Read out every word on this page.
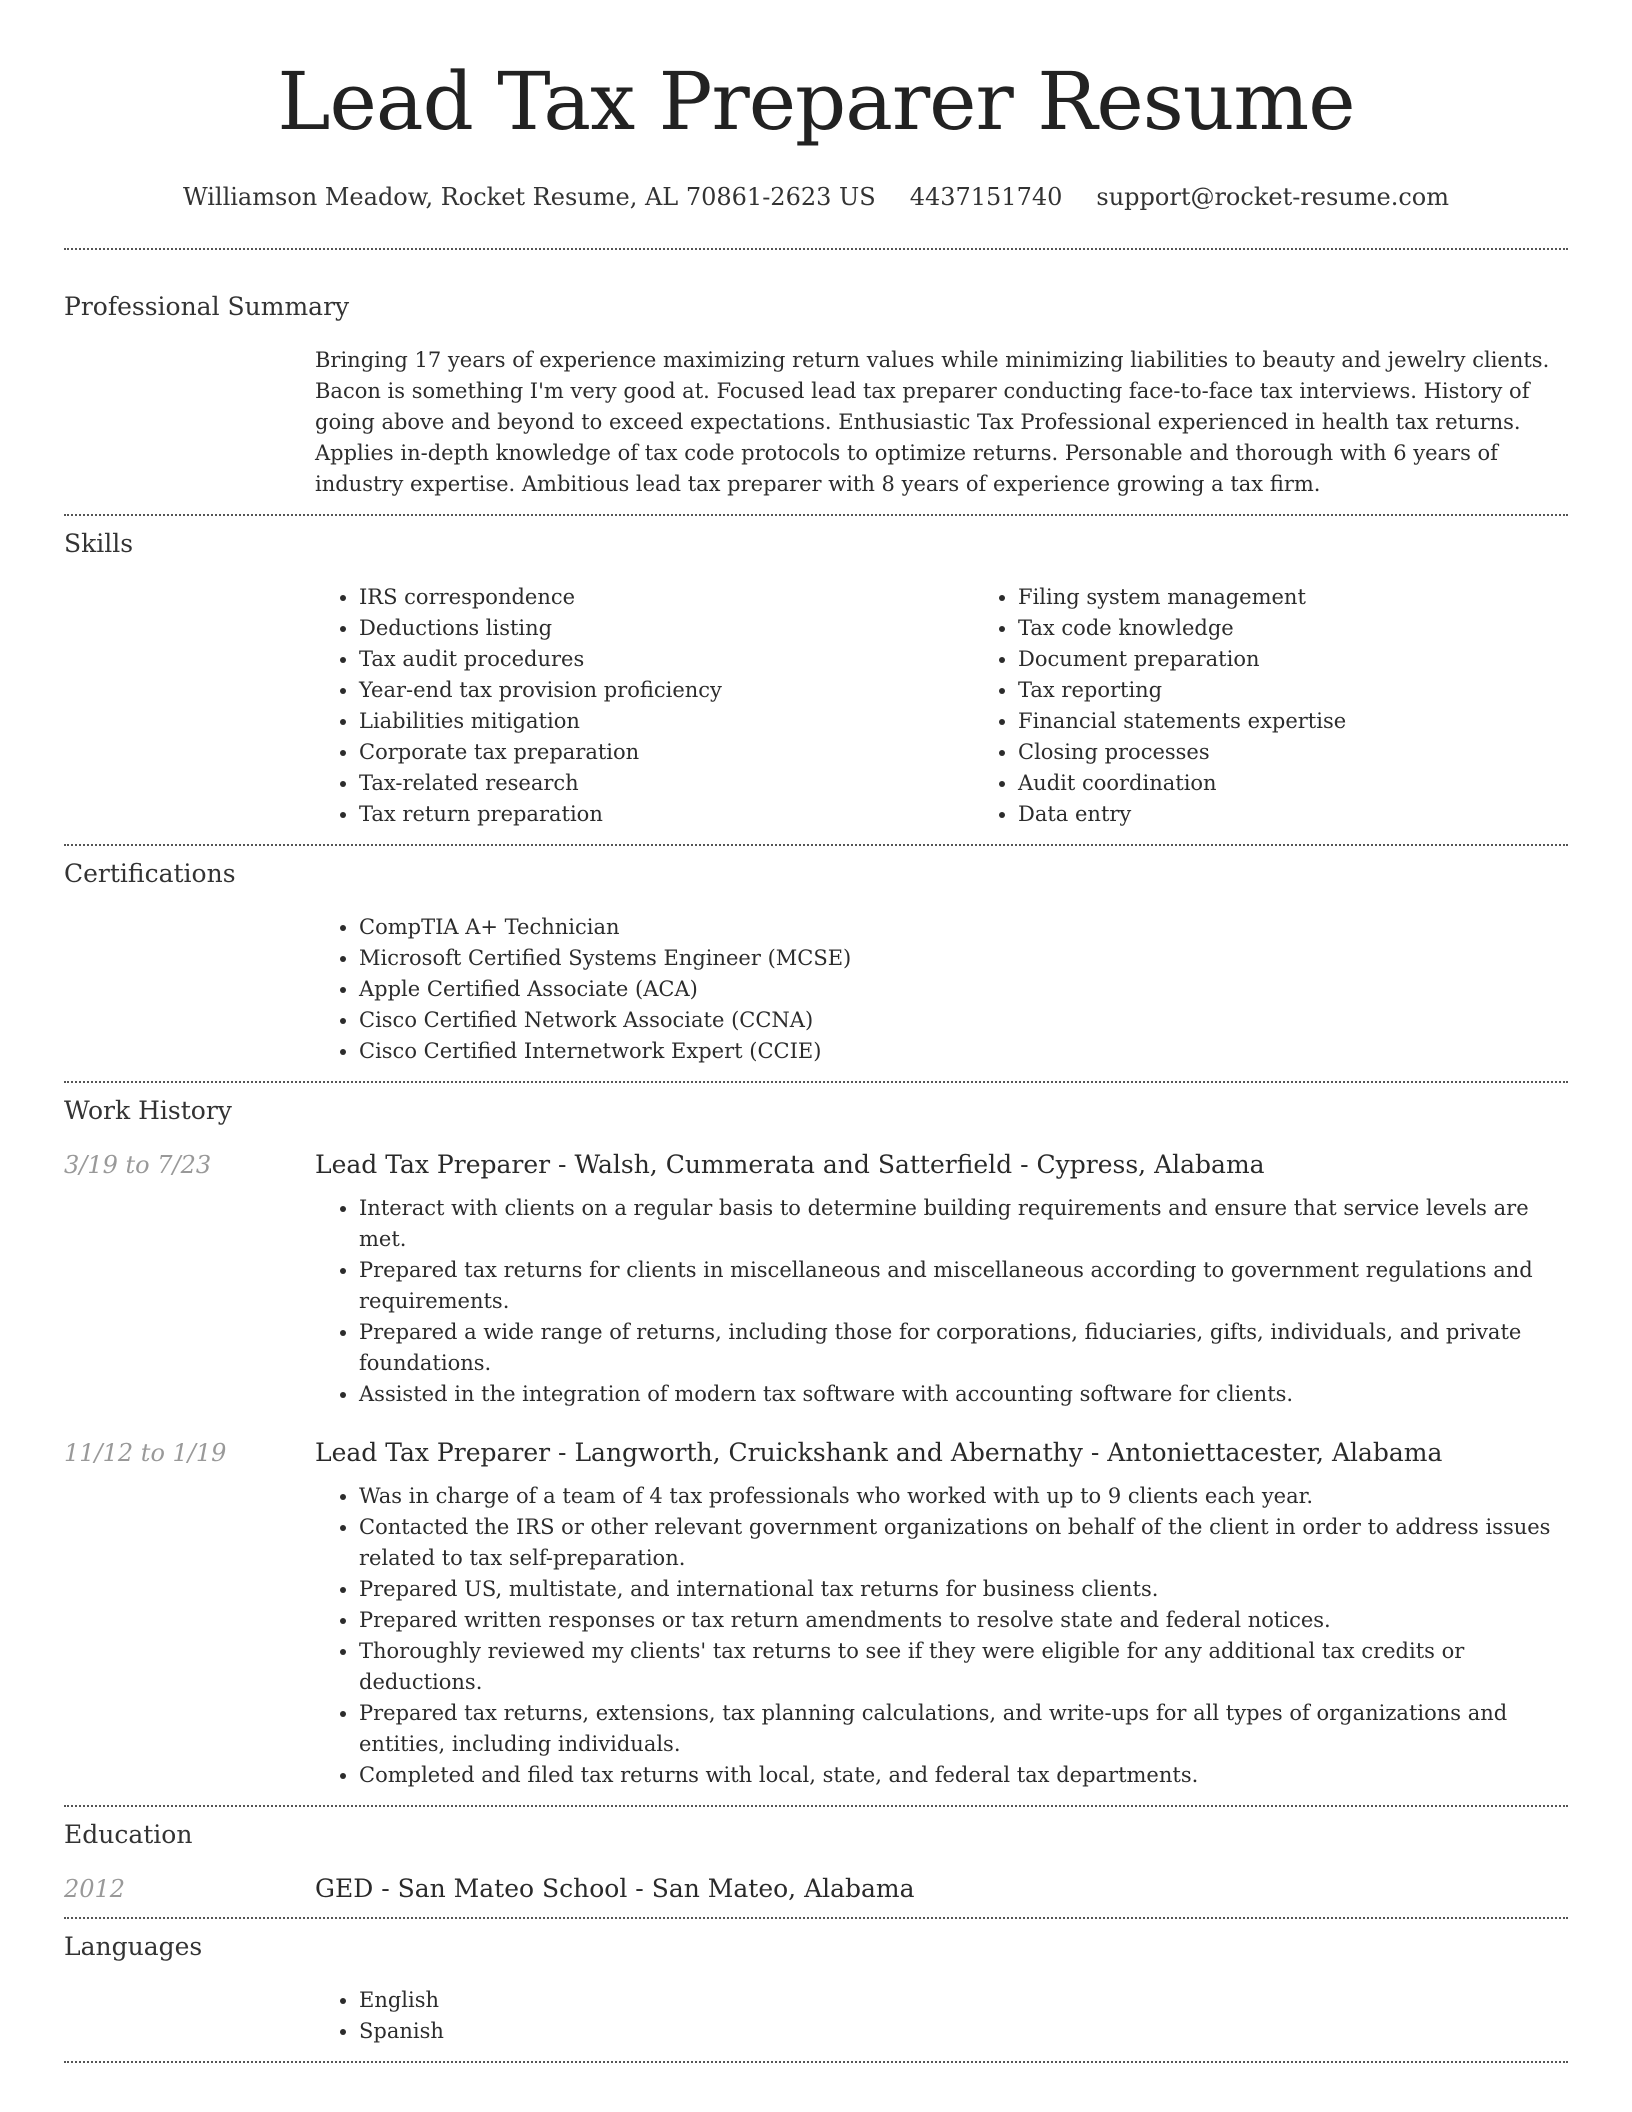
Lead Tax Preparer Resume
Williamson Meadow, Rocket Resume, AL 70861-2623 US 4437151740 support@rocket-resume.com
Professional Summary
Bringing 17 years of experience maximizing return values while minimizing liabilities to beauty and jewelry clients. Bacon is something I'm very good at. Focused lead tax preparer conducting face-to-face tax interviews. History of going above and beyond to exceed expectations. Enthusiastic Tax Professional experienced in health tax returns. Applies in-depth knowledge of tax code protocols to optimize returns. Personable and thorough with 6 years of industry expertise. Ambitious lead tax preparer with 8 years of experience growing a tax firm.
Skills
• IRS correspondence
• Deductions listing
• Tax audit procedures
• Year-end tax provision proficiency
• Liabilities mitigation
• Corporate tax preparation
• Tax-related research
• Tax return preparation
• Filing system management
• Tax code knowledge
• Document preparation
• Tax reporting
• Financial statements expertise
• Closing processes
• Audit coordination
• Data entry
Certifications
• CompTIA A+ Technician
• Microsoft Certified Systems Engineer (MCSE)
• Apple Certified Associate (ACA)
• Cisco Certified Network Associate (CCNA)
• Cisco Certified Internetwork Expert (CCIE)
Work History
3/19 to 7/23	Lead Tax Preparer - Walsh, Cummerata and Satterfield - Cypress, Alabama
• Interact with clients on a regular basis to determine building requirements and ensure that service levels are met.
• Prepared tax returns for clients in miscellaneous and miscellaneous according to government regulations and requirements.
• Prepared a wide range of returns, including those for corporations, fiduciaries, gifts, individuals, and private foundations.
• Assisted in the integration of modern tax software with accounting software for clients.
11/12 to 1/19	Lead Tax Preparer - Langworth, Cruickshank and Abernathy - Antoniettacester, Alabama
• Was in charge of a team of 4 tax professionals who worked with up to 9 clients each year.
• Contacted the IRS or other relevant government organizations on behalf of the client in order to address issues related to tax self-preparation.
• Prepared US, multistate, and international tax returns for business clients.
• Prepared written responses or tax return amendments to resolve state and federal notices.
• Thoroughly reviewed my clients' tax returns to see if they were eligible for any additional tax credits or deductions.
• Prepared tax returns, extensions, tax planning calculations, and write-ups for all types of organizations and entities, including individuals.
• Completed and filed tax returns with local, state, and federal tax departments.
Education
2012	GED - San Mateo School - San Mateo, Alabama
Languages
• English
• Spanish
